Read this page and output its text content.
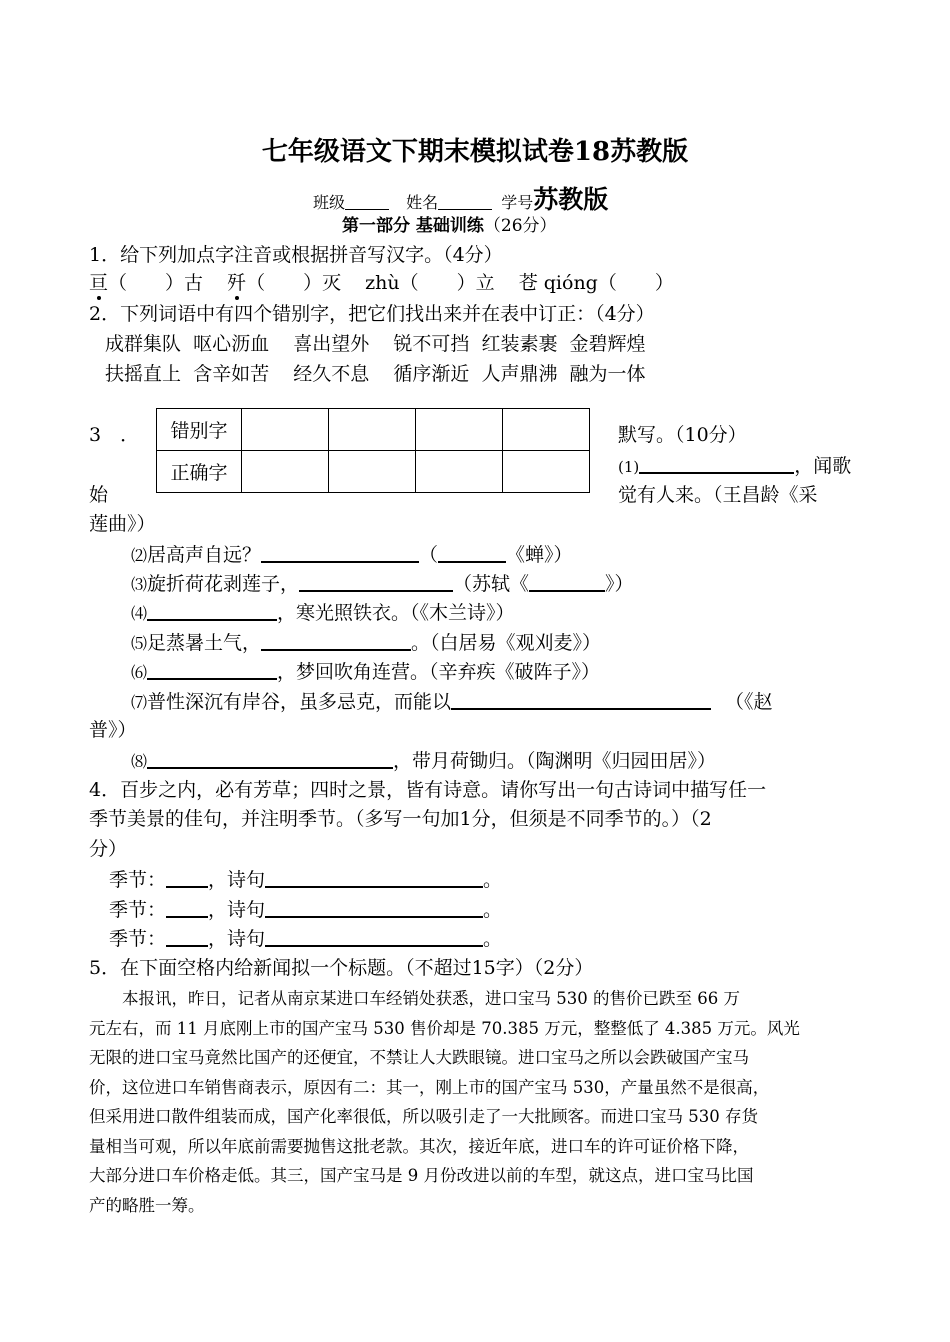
七年级语文下期末模拟试卷18苏教版
班级	姓名	学号苏教版
第一部分 基础训练（26分）
1．给下列加点字注音或根据拼音写汉字。（4分）
亘（　　）古 歼（　　）灭 zhù（　　）立 苍 qióng（　　）
2．下列词语中有四个错别字，把它们找出来并在表中订正：（4分）
成群集队  呕心沥血    喜出望外    锐不可挡  红装素裹  金碧辉煌
扶摇直上  含辛如苦    经久不息    循序渐近  人声鼎沸  融为一体
错别字				
正确字				
3　．	默写。（10分）
(1)	，闻歌
始	觉有人来。（王昌龄《采
莲曲》）
⑵居高声自远？	（	《蝉》）
⑶旋折荷花剥莲子，	（苏轼《	》）
⑷	，寒光照铁衣。（《木兰诗》）
⑸足蒸暑土气，	。（白居易《观刈麦》）
⑹	，梦回吹角连营。（辛弃疾《破阵子》）
⑺普性深沉有岸谷，虽多忌克，而能以	（《赵
普》）
⑻	，带月荷锄归。（陶渊明《归园田居》）
4．百步之内，必有芳草；四时之景，皆有诗意。请你写出一句古诗词中描写任一
季节美景的佳句，并注明季节。（多写一句加1分，但须是不同季节的。）（2
分）
季节： ，诗句	。
季节： ，诗句	。
季节： ，诗句	。
5．在下面空格内给新闻拟一个标题。（不超过15字）（2分）
　　本报讯，昨日，记者从南京某进口车经销处获悉，进口宝马 530 的售价已跌至 66 万
元左右，而 11 月底刚上市的国产宝马 530 售价却是 70.385 万元，整整低了 4.385 万元。风光
无限的进口宝马竟然比国产的还便宜，不禁让人大跌眼镜。进口宝马之所以会跌破国产宝马
价，这位进口车销售商表示，原因有二：其一，刚上市的国产宝马 530，产量虽然不是很高，
但采用进口散件组装而成，国产化率很低，所以吸引走了一大批顾客。而进口宝马 530 存货
量相当可观，所以年底前需要抛售这批老款。其次，接近年底，进口车的许可证价格下降，
大部分进口车价格走低。其三，国产宝马是 9 月份改进以前的车型，就这点，进口宝马比国
产的略胜一筹。
